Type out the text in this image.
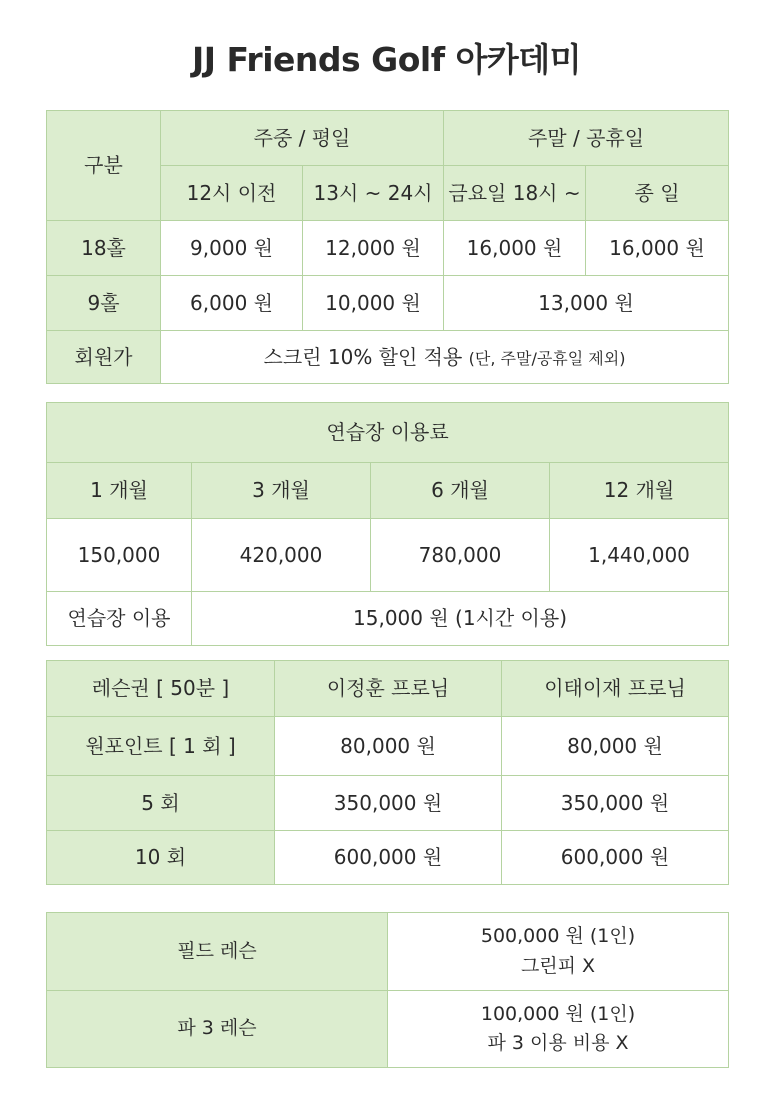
JJ Friends Golf 아카데미
구분	주중 / 평일		주말 / 공휴일	
	12시 이전	13시 ~ 24시	금요일 18시 ~	종 일
18홀	9,000 원	12,000 원	16,000 원	16,000 원
9홀	6,000 원	10,000 원	13,000 원	
회원가	스크린 10% 할인 적용 (단, 주말/공휴일 제외)			
연습장 이용료			
1 개월	3 개월	6 개월	12 개월
150,000	420,000	780,000	1,440,000
연습장 이용	15,000 원 (1시간 이용)		
레슨권 [ 50분 ]	이정훈 프로님	이태이재 프로님
원포인트 [ 1 회 ]	80,000 원	80,000 원
5 회	350,000 원	350,000 원
10 회	600,000 원	600,000 원
필드 레슨	500,000 원 (1인)
그린피 X

파 3 레슨	100,000 원 (1인)
파 3 이용 비용 X
